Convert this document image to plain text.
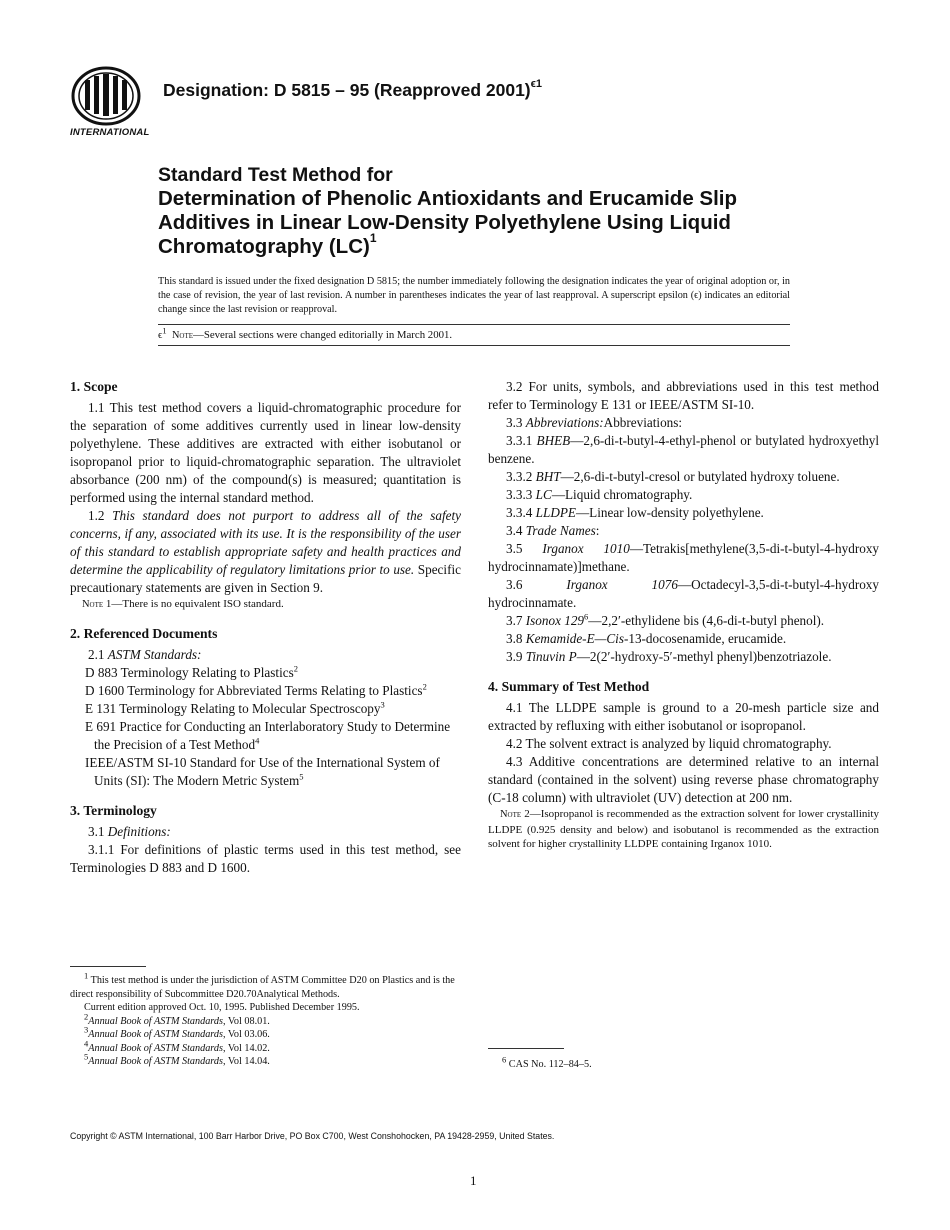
INTERNATIONAL
Designation: D 5815 – 95 (Reapproved 2001)$^{\epsilon 1}$
Standard Test Method for
Determination of Phenolic Antioxidants and Erucamide Slip
Additives in Linear Low-Density Polyethylene Using Liquid
Chromatography (LC)$^1$
This standard is issued under the fixed designation D 5815; the number immediately following the designation indicates the year of original adoption or, in the case of revision, the year of last revision. A number in parentheses indicates the year of last reapproval. A superscript epsilon (ϵ) indicates an editorial change since the last revision or reapproval.
$\epsilon^1$ Note—Several sections were changed editorially in March 2001.
1. Scope

1.1 This test method covers a liquid-chromatographic procedure for the separation of some additives currently used in linear low-density polyethylene. These additives are extracted with either isobutanol or isopropanol prior to liquid-chromatographic separation. The ultraviolet absorbance (200 nm) of the compound(s) is measured; quantitation is performed using the internal standard method.

1.2 This standard does not purport to address all of the safety concerns, if any, associated with its use. It is the responsibility of the user of this standard to establish appropriate safety and health practices and determine the applicability of regulatory limitations prior to use. Specific precautionary statements are given in Section 9.

Note 1—There is no equivalent ISO standard.

2. Referenced Documents

2.1 ASTM Standards:

D 883 Terminology Relating to Plastics$^2$

D 1600 Terminology for Abbreviated Terms Relating to Plastics$^2$

E 131 Terminology Relating to Molecular Spectroscopy$^3$

E 691 Practice for Conducting an Interlaboratory Study to Determine the Precision of a Test Method$^4$

IEEE/ASTM SI-10 Standard for Use of the International System of Units (SI): The Modern Metric System$^5$

3. Terminology

3.1 Definitions:

3.1.1 For definitions of plastic terms used in this test method, see Terminologies D 883 and D 1600.

$^1$ This test method is under the jurisdiction of ASTM Committee D20 on Plastics and is the direct responsibility of Subcommittee D20.70Analytical Methods.

Current edition approved Oct. 10, 1995. Published December 1995.

$^2$Annual Book of ASTM Standards, Vol 08.01.

$^3$Annual Book of ASTM Standards, Vol 03.06.

$^4$Annual Book of ASTM Standards, Vol 14.02.

$^5$Annual Book of ASTM Standards, Vol 14.04.

3.2 For units, symbols, and abbreviations used in this test method refer to Terminology E 131 or IEEE/ASTM SI-10.

3.3 Abbreviations:Abbreviations:

3.3.1 BHEB—2,6-di-t-butyl-4-ethyl-phenol or butylated hydroxyethyl benzene.

3.3.2 BHT—2,6-di-t-butyl-cresol or butylated hydroxy toluene.

3.3.3 LC—Liquid chromatography.

3.3.4 LLDPE—Linear low-density polyethylene.

3.4 Trade Names:

3.5 Irganox 1010—Tetrakis[methylene(3,5-di-t-butyl-4-hydroxy hydrocinnamate)]methane.

3.6 Irganox 1076—Octadecyl-3,5-di-t-butyl-4-hydroxy hydrocinnamate.

3.7 Isonox $129^6—2,2'$-ethylidene bis (4,6-di-t-butyl phenol).

3.8 Kemamide-E—Cis-13-docosenamide, erucamide.

3.9 Tinuvin P—2(2′-hydroxy-5′-methyl phenyl)benzotriazole.

4. Summary of Test Method

4.1 The LLDPE sample is ground to a 20-mesh particle size and extracted by refluxing with either isobutanol or isopropanol.

4.2 The solvent extract is analyzed by liquid chromatography.

4.3 Additive concentrations are determined relative to an internal standard (contained in the solvent) using reverse phase chromatography (C-18 column) with ultraviolet (UV) detection at 200 nm.

Note 2—Isopropanol is recommended as the extraction solvent for lower crystallinity LLDPE (0.925 density and below) and isobutanol is recommended as the extraction solvent for higher crystallinity LLDPE containing Irganox 1010.

$^6$ CAS No. 112–84–5.

Copyright © ASTM International, 100 Barr Harbor Drive, PO Box C700, West Conshohocken, PA 19428-2959, United States.
1
